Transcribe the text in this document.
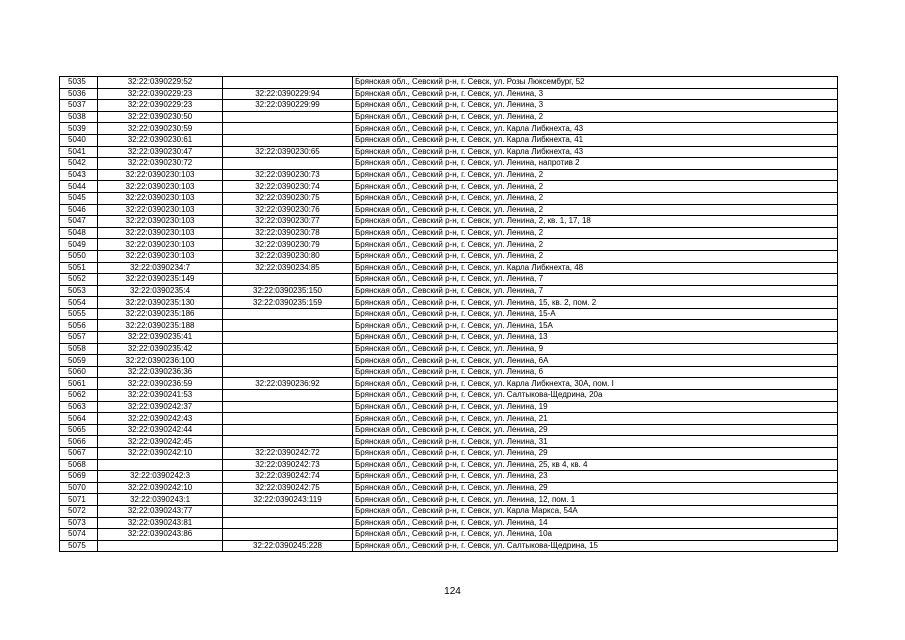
5035	32:22:0390229:52		Брянская обл., Севский р-н, г. Севск, ул. Розы Люксембург, 52
5036	32:22:0390229:23	32:22:0390229:94	Брянская обл., Севский р-н, г. Севск, ул. Ленина, 3
5037	32:22:0390229:23	32:22:0390229:99	Брянская обл., Севский р-н, г. Севск, ул. Ленина, 3
5038	32:22:0390230:50		Брянская обл., Севский р-н, г. Севск, ул. Ленина, 2
5039	32:22:0390230:59		Брянская обл., Севский р-н, г. Севск, ул. Карла Либкнехта, 43
5040	32:22:0390230:61		Брянская обл., Севский р-н, г. Севск, ул. Карла Либкнехта, 41
5041	32:22:0390230:47	32:22:0390230:65	Брянская обл., Севский р-н, г. Севск, ул. Карла Либкнехта, 43
5042	32:22:0390230:72		Брянская обл., Севский р-н, г. Севск, ул. Ленина, напротив 2
5043	32:22:0390230:103	32:22:0390230:73	Брянская обл., Севский р-н, г. Севск, ул. Ленина, 2
5044	32:22:0390230:103	32:22:0390230:74	Брянская обл., Севский р-н, г. Севск, ул. Ленина, 2
5045	32:22:0390230:103	32:22:0390230:75	Брянская обл., Севский р-н, г. Севск, ул. Ленина, 2
5046	32:22:0390230:103	32:22:0390230:76	Брянская обл., Севский р-н, г. Севск, ул. Ленина, 2
5047	32:22:0390230:103	32:22:0390230:77	Брянская обл., Севский р-н, г. Севск, ул. Ленина, 2, кв. 1, 17, 18
5048	32:22:0390230:103	32:22:0390230:78	Брянская обл., Севский р-н, г. Севск, ул. Ленина, 2
5049	32:22:0390230:103	32:22:0390230:79	Брянская обл., Севский р-н, г. Севск, ул. Ленина, 2
5050	32:22:0390230:103	32:22:0390230:80	Брянская обл., Севский р-н, г. Севск, ул. Ленина, 2
5051	32:22:0390234:7	32:22:0390234:85	Брянская обл., Севский р-н, г. Севск, ул. Карла Либкнехта, 48
5052	32:22:0390235:149		Брянская обл., Севский р-н, г. Севск, ул. Ленина, 7
5053	32:22:0390235:4	32:22:0390235:150	Брянская обл., Севский р-н, г. Севск, ул. Ленина, 7
5054	32:22:0390235:130	32:22:0390235:159	Брянская обл., Севский р-н, г. Севск, ул. Ленина, 15, кв. 2, пом. 2
5055	32:22:0390235:186		Брянская обл., Севский р-н, г. Севск, ул. Ленина, 15-А
5056	32:22:0390235:188		Брянская обл., Севский р-н, г. Севск, ул. Ленина, 15А
5057	32:22:0390235:41		Брянская обл., Севский р-н, г. Севск, ул. Ленина, 13
5058	32:22:0390235:42		Брянская обл., Севский р-н, г. Севск, ул. Ленина, 9
5059	32:22:0390236:100		Брянская обл., Севский р-н, г. Севск, ул. Ленина, 6А
5060	32:22:0390236:36		Брянская обл., Севский р-н, г. Севск, ул. Ленина, 6
5061	32:22:0390236:59	32:22:0390236:92	Брянская обл., Севский р-н, г. Севск, ул. Карла Либкнехта, 30А, пом. I
5062	32:22:0390241:53		Брянская обл., Севский р-н, г. Севск, ул. Салтыкова-Щедрина, 20а
5063	32:22:0390242:37		Брянская обл., Севский р-н, г. Севск, ул. Ленина, 19
5064	32:22:0390242:43		Брянская обл., Севский р-н, г. Севск, ул. Ленина, 21
5065	32:22:0390242:44		Брянская обл., Севский р-н, г. Севск, ул. Ленина, 29
5066	32:22:0390242:45		Брянская обл., Севский р-н, г. Севск, ул. Ленина, 31
5067	32:22:0390242:10	32:22:0390242:72	Брянская обл., Севский р-н, г. Севск, ул. Ленина, 29
5068		32:22:0390242:73	Брянская обл., Севский р-н, г. Севск, ул. Ленина, 25, кв 4, кв. 4
5069	32:22:0390242:3	32:22:0390242:74	Брянская обл., Севский р-н, г. Севск, ул. Ленина, 23
5070	32:22:0390242:10	32:22:0390242:75	Брянская обл., Севский р-н, г. Севск, ул. Ленина, 29
5071	32:22:0390243:1	32:22:0390243:119	Брянская обл., Севский р-н, г. Севск, ул. Ленина, 12, пом. 1
5072	32:22:0390243:77		Брянская обл., Севский р-н, г. Севск, ул. Карла Маркса, 54А
5073	32:22:0390243:81		Брянская обл., Севский р-н, г. Севск, ул. Ленина, 14
5074	32:22:0390243:86		Брянская обл., Севский р-н, г. Севск, ул. Ленина, 10а
5075		32:22:0390245:228	Брянская обл., Севский р-н, г. Севск, ул. Салтыкова-Щедрина, 15
124
